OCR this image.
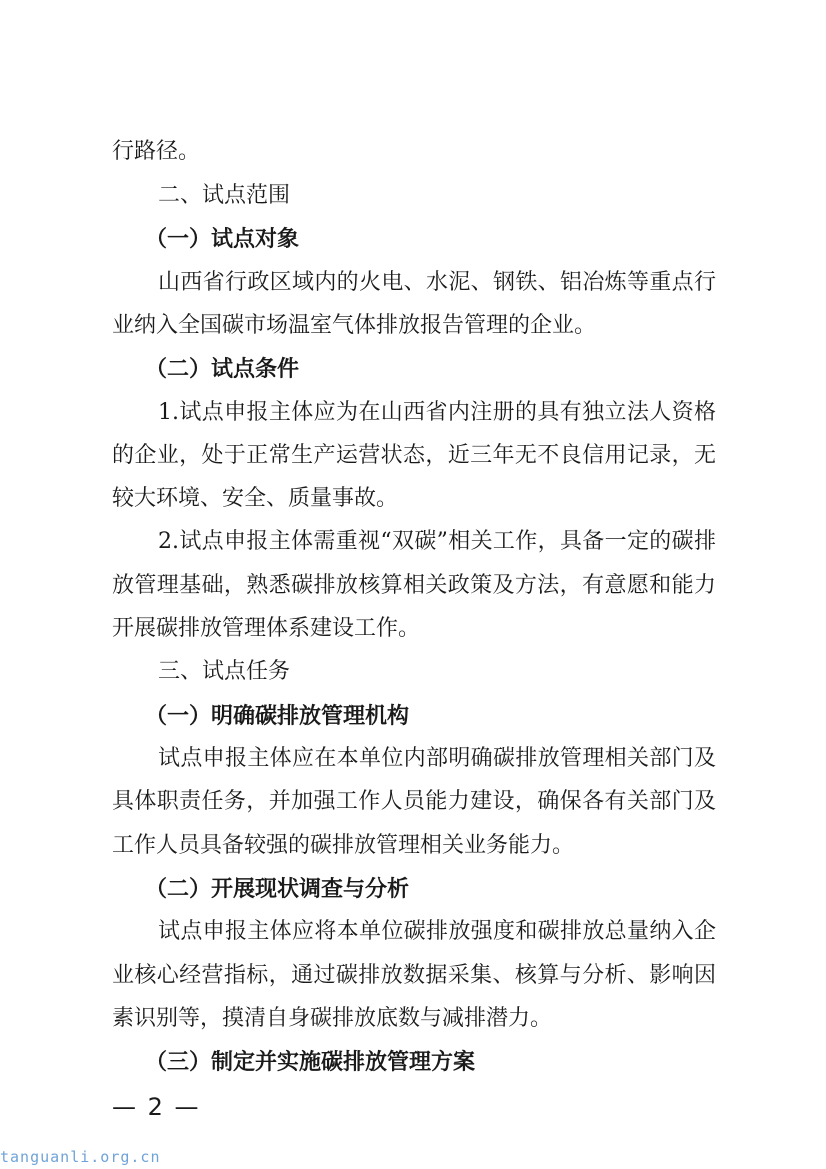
行路径。
二、试点范围
（一）试点对象
山西省行政区域内的火电、水泥、钢铁、铝冶炼等重点行
业纳入全国碳市场温室气体排放报告管理的企业。
（二）试点条件
1.试点申报主体应为在山西省内注册的具有独立法人资格
的企业，处于正常生产运营状态，近三年无不良信用记录，无
较大环境、安全、质量事故。
2.试点申报主体需重视“双碳”相关工作，具备一定的碳排
放管理基础，熟悉碳排放核算相关政策及方法，有意愿和能力
开展碳排放管理体系建设工作。
三、试点任务
（一）明确碳排放管理机构
试点申报主体应在本单位内部明确碳排放管理相关部门及
具体职责任务，并加强工作人员能力建设，确保各有关部门及
工作人员具备较强的碳排放管理相关业务能力。
（二）开展现状调查与分析
试点申报主体应将本单位碳排放强度和碳排放总量纳入企
业核心经营指标，通过碳排放数据采集、核算与分析、影响因
素识别等，摸清自身碳排放底数与减排潜力。
（三）制定并实施碳排放管理方案
— 2 —
tanguanli.org.cn
